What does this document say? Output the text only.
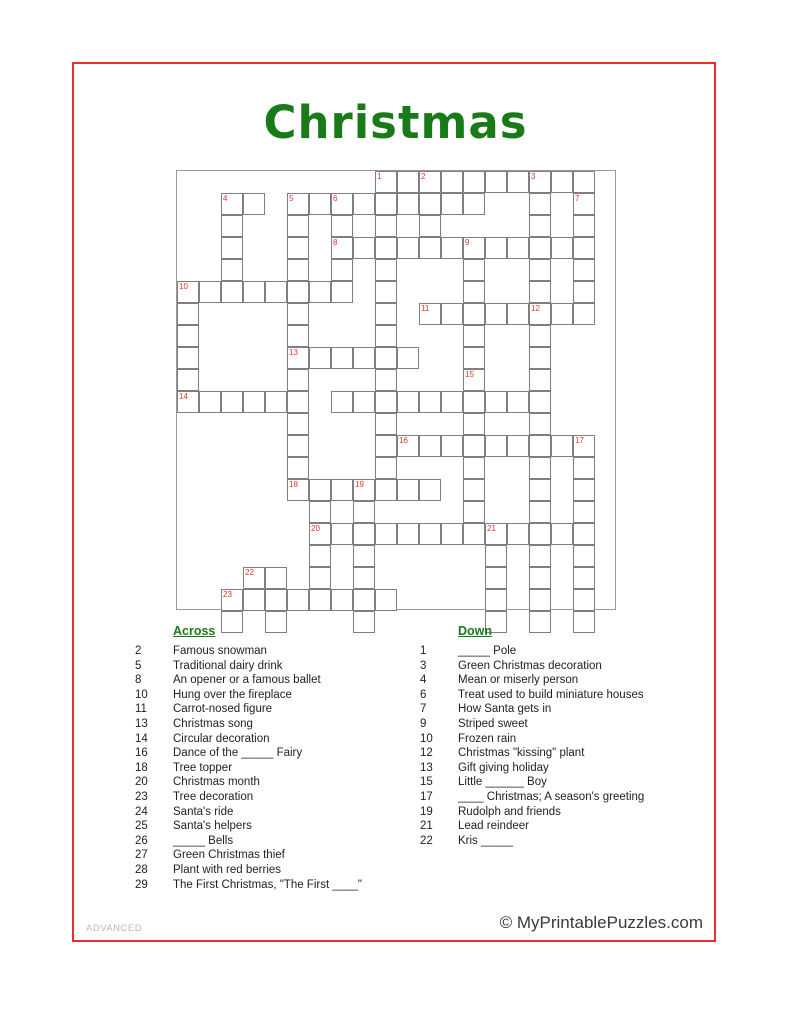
Christmas
1	2	3
4	5	6	7
8	9
10
11	12
13
15
14
16	17
18	19
20	21
22
23
Across
2	Famous snowman
5	Traditional dairy drink
8	An opener or a famous ballet
10	Hung over the fireplace
11	Carrot-nosed figure
13	Christmas song
14	Circular decoration
16	Dance of the _____ Fairy
18	Tree topper
20	Christmas month
23	Tree decoration
24	Santa's ride
25	Santa's helpers
26	_____ Bells
27	Green Christmas thief
28	Plant with red berries
29	The First Christmas, "The First ____"
Down
1	_____ Pole
3	Green Christmas decoration
4	Mean or miserly person
6	Treat used to build miniature houses
7	How Santa gets in
9	Striped sweet
10	Frozen rain
12	Christmas "kissing" plant
13	Gift giving holiday
15	Little ______ Boy
17	____ Christmas; A season's greeting
19	Rudolph and friends
21	Lead reindeer
22	Kris _____
ADVANCED	© MyPrintablePuzzles.com
